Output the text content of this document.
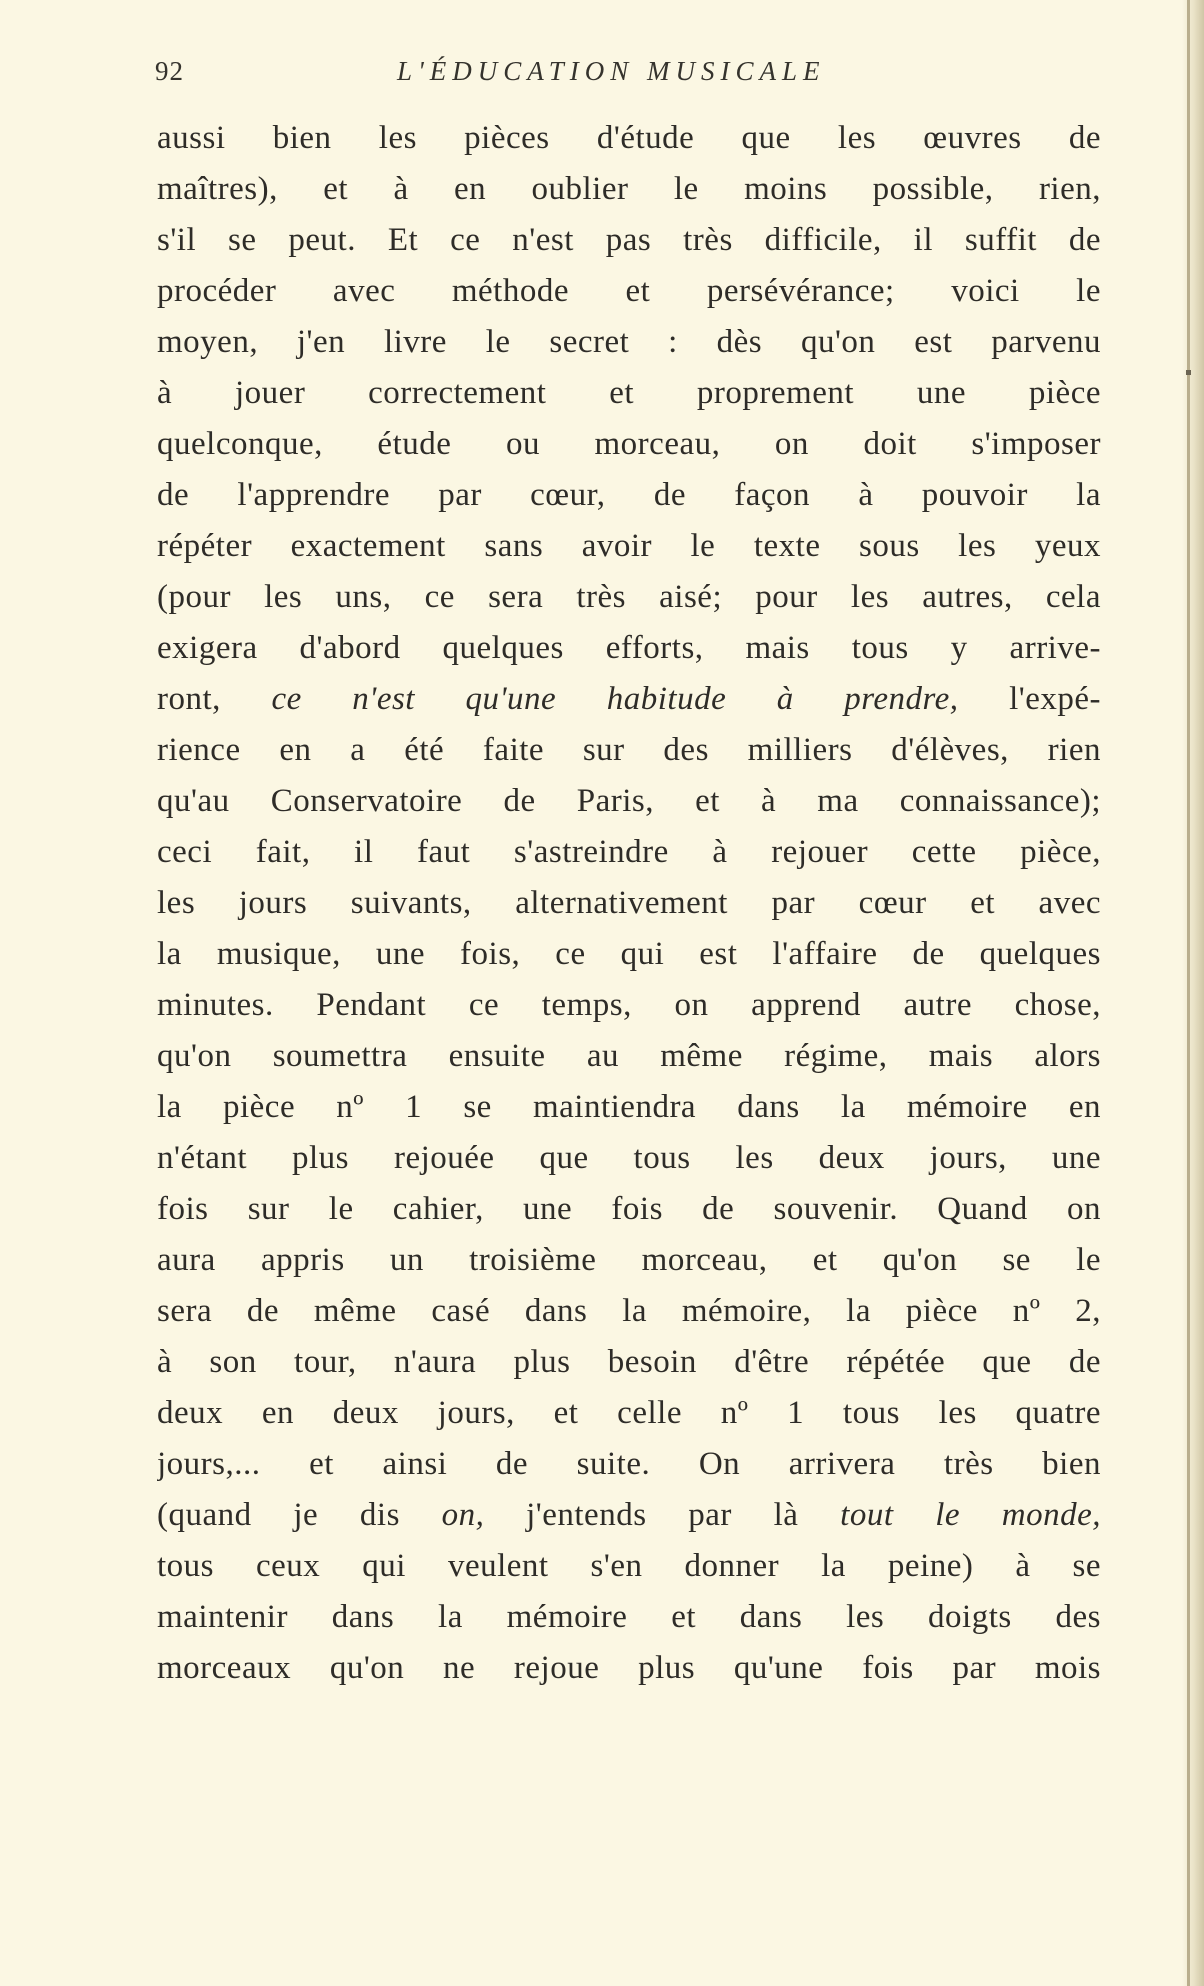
92	L'ÉDUCATION MUSICALE
aussi bien les pièces d'étude que les œuvres de
maîtres), et à en oublier le moins possible, rien,
s'il se peut. Et ce n'est pas très difficile, il suffit de
procéder avec méthode et persévérance; voici le
moyen, j'en livre le secret : dès qu'on est parvenu
à jouer correctement et proprement une pièce
quelconque, étude ou morceau, on doit s'imposer
de l'apprendre par cœur, de façon à pouvoir la
répéter exactement sans avoir le texte sous les yeux
(pour les uns, ce sera très aisé; pour les autres, cela
exigera d'abord quelques efforts, mais tous y arrive-
ront, ce n'est qu'une habitude à prendre, l'expé-
rience en a été faite sur des milliers d'élèves, rien
qu'au Conservatoire de Paris, et à ma connaissance);
ceci fait, il faut s'astreindre à rejouer cette pièce,
les jours suivants, alternativement par cœur et avec
la musique, une fois, ce qui est l'affaire de quelques
minutes. Pendant ce temps, on apprend autre chose,
qu'on soumettra ensuite au même régime, mais alors
la pièce nº 1 se maintiendra dans la mémoire en
n'étant plus rejouée que tous les deux jours, une
fois sur le cahier, une fois de souvenir. Quand on
aura appris un troisième morceau, et qu'on se le
sera de même casé dans la mémoire, la pièce nº 2,
à son tour, n'aura plus besoin d'être répétée que de
deux en deux jours, et celle nº 1 tous les quatre
jours,... et ainsi de suite. On arrivera très bien
(quand je dis on, j'entends par là tout le monde,
tous ceux qui veulent s'en donner la peine) à se
maintenir dans la mémoire et dans les doigts des
morceaux qu'on ne rejoue plus qu'une fois par mois
